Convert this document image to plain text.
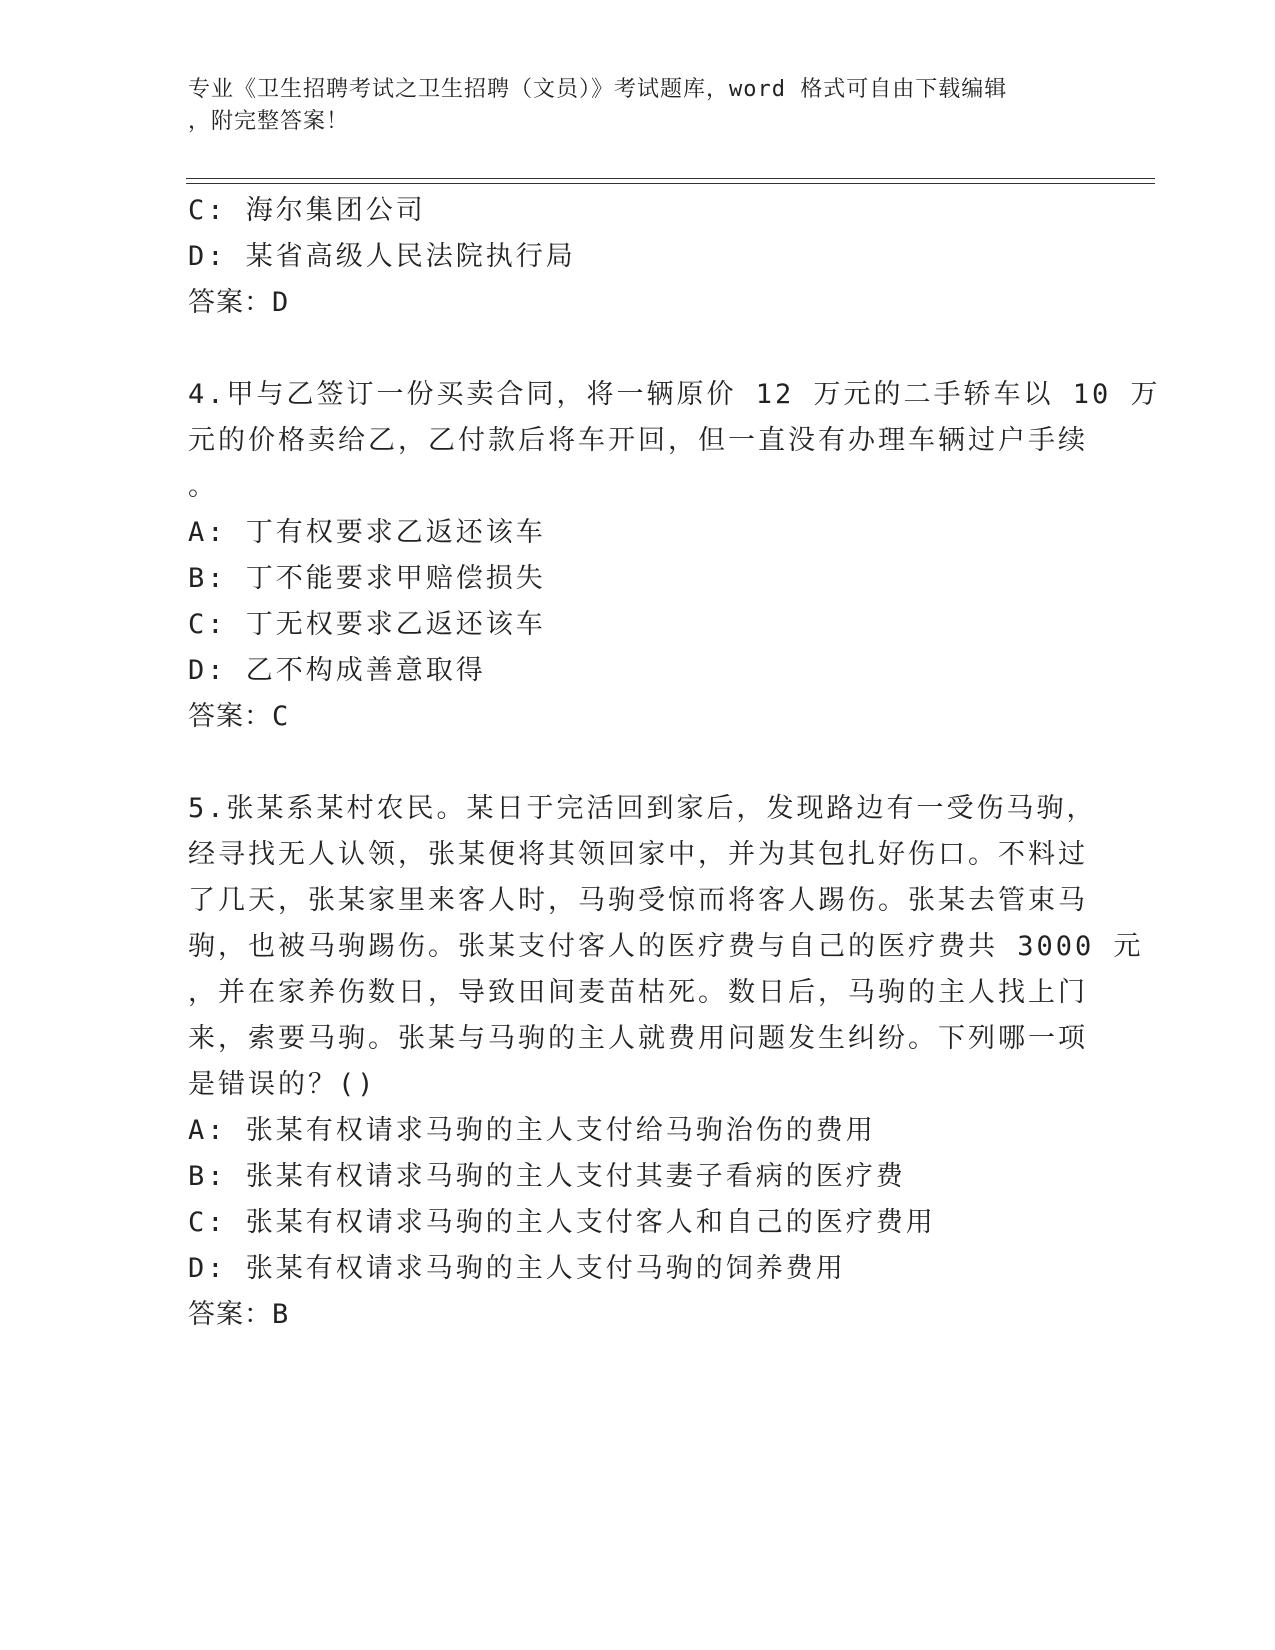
专业《卫生招聘考试之卫生招聘（文员）》考试题库，word 格式可自由下载编辑
，附完整答案！
C: 海尔集团公司
D: 某省高级人民法院执行局
答案：D
4.甲与乙签订一份买卖合同，将一辆原价 12 万元的二手轿车以 10 万
元的价格卖给乙，乙付款后将车开回，但一直没有办理车辆过户手续
。
A: 丁有权要求乙返还该车
B: 丁不能要求甲赔偿损失
C: 丁无权要求乙返还该车
D: 乙不构成善意取得
答案：C
5.张某系某村农民。某日于完活回到家后，发现路边有一受伤马驹，
经寻找无人认领，张某便将其领回家中，并为其包扎好伤口。不料过
了几天，张某家里来客人时，马驹受惊而将客人踢伤。张某去管束马
驹，也被马驹踢伤。张某支付客人的医疗费与自己的医疗费共 3000 元
，并在家养伤数日，导致田间麦苗枯死。数日后，马驹的主人找上门
来，索要马驹。张某与马驹的主人就费用问题发生纠纷。下列哪一项
是错误的？()
A: 张某有权请求马驹的主人支付给马驹治伤的费用
B: 张某有权请求马驹的主人支付其妻子看病的医疗费
C: 张某有权请求马驹的主人支付客人和自己的医疗费用
D: 张某有权请求马驹的主人支付马驹的饲养费用
答案：B
